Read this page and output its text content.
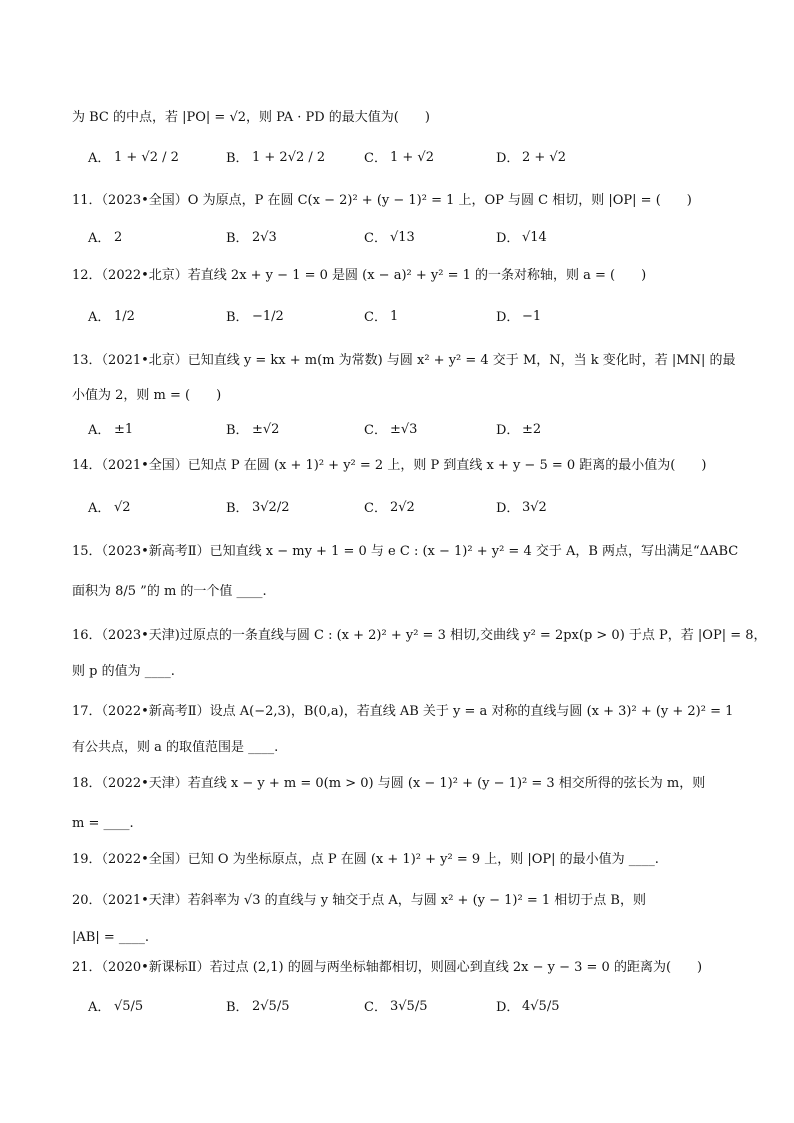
为 BC 的中点，若 |PO| = √2，则 PA · PD 的最大值为(　　)
A． 1 + √2 / 2	B． 1 + 2√2 / 2	C． 1 + √2	D． 2 + √2
11．（2023•全国）O 为原点，P 在圆 C(x − 2)² + (y − 1)² = 1 上，OP 与圆 C 相切，则 |OP| = (　　)
A． 2	B． 2√3	C． √13	D． √14
12．（2022•北京）若直线 2x + y − 1 = 0 是圆 (x − a)² + y² = 1 的一条对称轴，则 a = (　　)
A． 1/2	B． −1/2	C． 1	D． −1
13．（2021•北京）已知直线 y = kx + m(m 为常数) 与圆 x² + y² = 4 交于 M，N，当 k 变化时，若 |MN| 的最
小值为 2，则 m = (　　)
A． ±1	B． ±√2	C． ±√3	D． ±2
14．（2021•全国）已知点 P 在圆 (x + 1)² + y² = 2 上，则 P 到直线 x + y − 5 = 0 距离的最小值为(　　)
A． √2	B． 3√2/2	C． 2√2	D． 3√2
15．（2023•新高考Ⅱ）已知直线 x − my + 1 = 0 与 e C : (x − 1)² + y² = 4 交于 A，B 两点，写出满足“ΔABC
面积为 8/5 ”的 m 的一个值 ____.
16．（2023•天津)过原点的一条直线与圆 C : (x + 2)² + y² = 3 相切,交曲线 y² = 2px(p > 0) 于点 P，若 |OP| = 8，
则 p 的值为 ____.
17．（2022•新高考Ⅱ）设点 A(−2,3)，B(0,a)，若直线 AB 关于 y = a 对称的直线与圆 (x + 3)² + (y + 2)² = 1
有公共点，则 a 的取值范围是 ____.
18．（2022•天津）若直线 x − y + m = 0(m > 0) 与圆 (x − 1)² + (y − 1)² = 3 相交所得的弦长为 m，则
m = ____.
19．（2022•全国）已知 O 为坐标原点，点 P 在圆 (x + 1)² + y² = 9 上，则 |OP| 的最小值为 ____.
20．（2021•天津）若斜率为 √3 的直线与 y 轴交于点 A，与圆 x² + (y − 1)² = 1 相切于点 B，则
|AB| = ____.
21．（2020•新课标Ⅱ）若过点 (2,1) 的圆与两坐标轴都相切，则圆心到直线 2x − y − 3 = 0 的距离为(　　)
A． √5/5	B． 2√5/5	C． 3√5/5	D． 4√5/5
